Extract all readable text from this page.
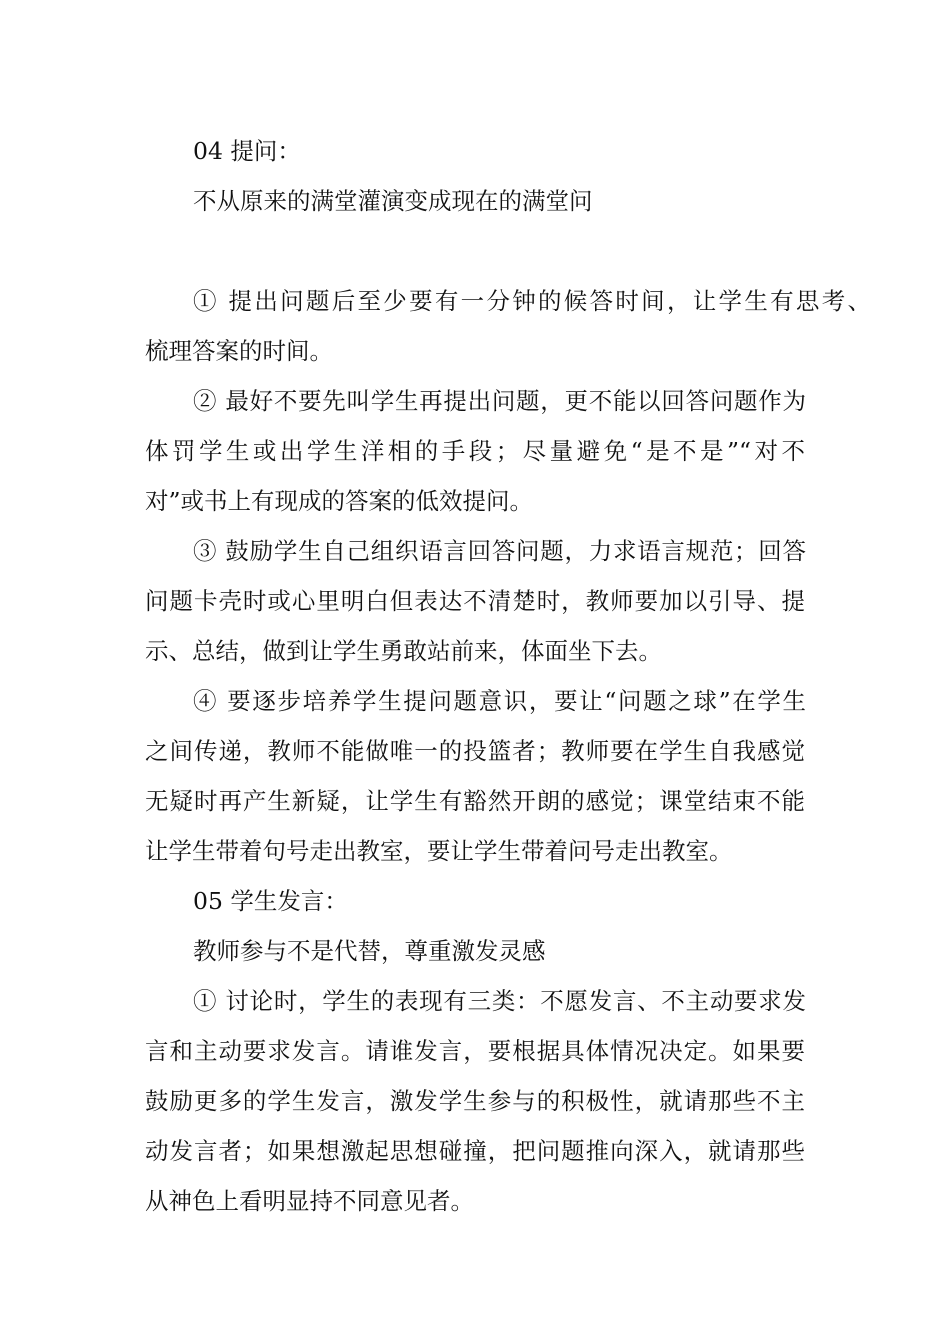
04 提问：

不从原来的满堂灌演变成现在的满堂问

① 提出问题后至少要有一分钟的候答时间，让学生有思考、

梳理答案的时间。

② 最好不要先叫学生再提出问题，更不能以回答问题作为

体罚学生或出学生洋相的手段；尽量避免“是不是”“对不

对”或书上有现成的答案的低效提问。

③ 鼓励学生自己组织语言回答问题，力求语言规范；回答

问题卡壳时或心里明白但表达不清楚时，教师要加以引导、提

示、总结，做到让学生勇敢站前来，体面坐下去。

④ 要逐步培养学生提问题意识，要让“问题之球”在学生

之间传递，教师不能做唯一的投篮者；教师要在学生自我感觉

无疑时再产生新疑，让学生有豁然开朗的感觉；课堂结束不能

让学生带着句号走出教室，要让学生带着问号走出教室。

05 学生发言：

教师参与不是代替，尊重激发灵感

① 讨论时，学生的表现有三类：不愿发言、不主动要求发

言和主动要求发言。请谁发言，要根据具体情况决定。如果要

鼓励更多的学生发言，激发学生参与的积极性，就请那些不主

动发言者；如果想激起思想碰撞，把问题推向深入，就请那些

从神色上看明显持不同意见者。
